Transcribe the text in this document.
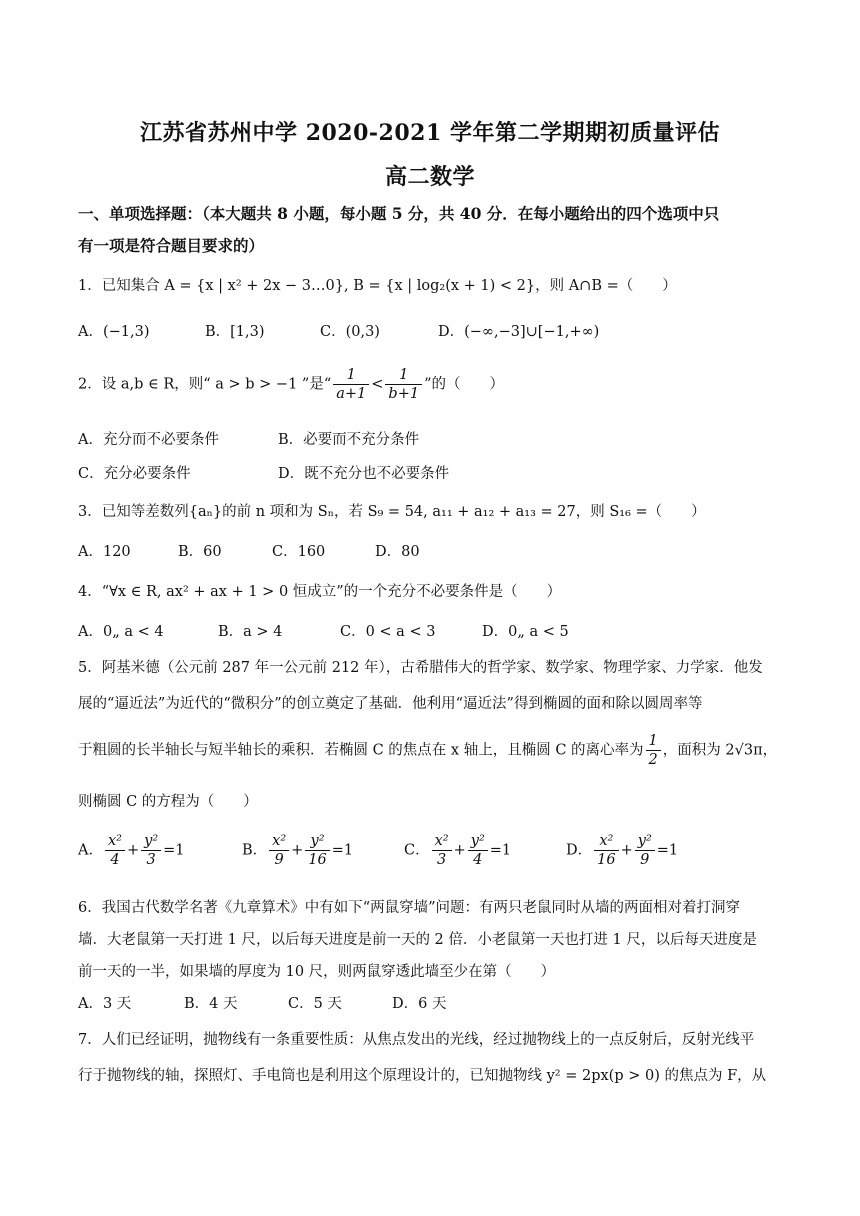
江苏省苏州中学 2020-2021 学年第二学期期初质量评估
高二数学
一、单项选择题：（本大题共 8 小题，每小题 5 分，共 40 分．在每小题给出的四个选项中只
有一项是符合题目要求的）
1．已知集合 A = {x | x² + 2x − 3…0}, B = {x | log₂(x + 1) < 2}，则 A∩B =（　　）
A．(−1,3)	B．[1,3)	C．(0,3)	D．(−∞,−3]∪[−1,+∞)
2．设 a,b ∈ R，则“ a > b > −1 ”是“ $\frac{1}{a+1} < \frac{1}{b+1}$ ”的（　　）
A．充分而不必要条件	B．必要而不充分条件
C．充分必要条件	D．既不充分也不必要条件
3．已知等差数列{aₙ}的前 n 项和为 Sₙ，若 S₉ = 54, a₁₁ + a₁₂ + a₁₃ = 27，则 S₁₆ =（　　）
A．120	B．60	C．160	D．80
4．“∀x ∈ R, ax² + ax + 1 > 0 恒成立”的一个充分不必要条件是（　　）
A．0„ a < 4	B．a > 4	C．0 < a < 3	D．0„ a < 5
5．阿基米德（公元前 287 年一公元前 212 年），古希腊伟大的哲学家、数学家、物理学家、力学家．他发
展的“逼近法”为近代的“微积分”的创立奠定了基础．他利用“逼近法”得到椭圆的面和除以圆周率等
于粗圆的长半轴长与短半轴长的乘积．若椭圆 C 的焦点在 x 轴上，且椭圆 C 的离心率为 $\frac{1}{2}$ ，面积为 2√3π，
则椭圆 C 的方程为（　　）
A． $\frac{\text{x²}}{4} + \frac{\text{y²}}{3} =1$	B． $\frac{\text{x²}}{9} + \frac{\text{y²}}{16} =1$	C． $\frac{\text{x²}}{3} + \frac{\text{y²}}{4} =1$	D． $\frac{\text{x²}}{16} + \frac{\text{y²}}{9} =1$
6．我国古代数学名著《九章算术》中有如下“两鼠穿墙”问题：有两只老鼠同时从墙的两面相对着打洞穿
墙．大老鼠第一天打进 1 尺，以后每天进度是前一天的 2 倍．小老鼠第一天也打进 1 尺，以后每天进度是
前一天的一半，如果墙的厚度为 10 尺，则两鼠穿透此墙至少在第（　　）
A．3 天	B．4 天	C．5 天	D．6 天
7．人们已经证明，抛物线有一条重要性质：从焦点发出的光线，经过抛物线上的一点反射后，反射光线平
行于抛物线的轴，探照灯、手电筒也是利用这个原理设计的，已知抛物线 y² = 2px(p > 0) 的焦点为 F，从
